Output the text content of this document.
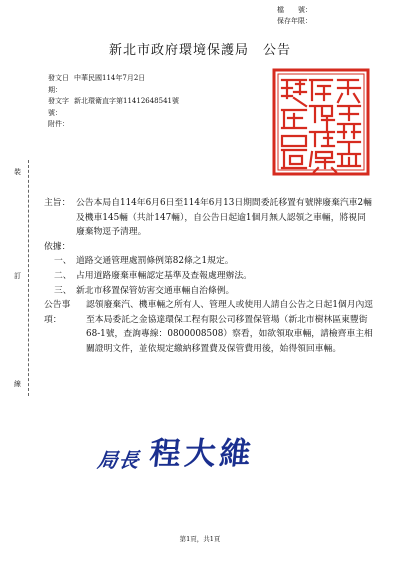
檔　　號：
保存年限：
新北市政府環境保護局 公告
發文日期：
中華民國114年7月2日
發文字號：
新北環衛直字第11412648541號
附件：
裝
訂
線
主旨： 公告本局自114年6月6日至114年6月13日期間委託移置有號牌廢棄汽車2輛及機車145輛（共計147輛），自公告日起逾1個月無人認領之車輛，將視同廢棄物逕予清理。
依據：
一、 道路交通管理處罰條例第82條之1規定。
二、 占用道路廢棄車輛認定基準及查報處理辦法。
三、 新北市移置保管妨害交通車輛自治條例。
公告事項：
認領廢棄汽、機車輛之所有人、管理人或使用人請自公告之日起1個月內逕至本局委託之金協達環保工程有限公司移置保管場（新北市樹林區東豐街68-1號，查詢專線：0800008508）察看，如欲領取車輛，請檢齊車主相關證明文件，並依規定繳納移置費及保管費用後，始得領回車輛。
局長 程大維
第1頁，共1頁
